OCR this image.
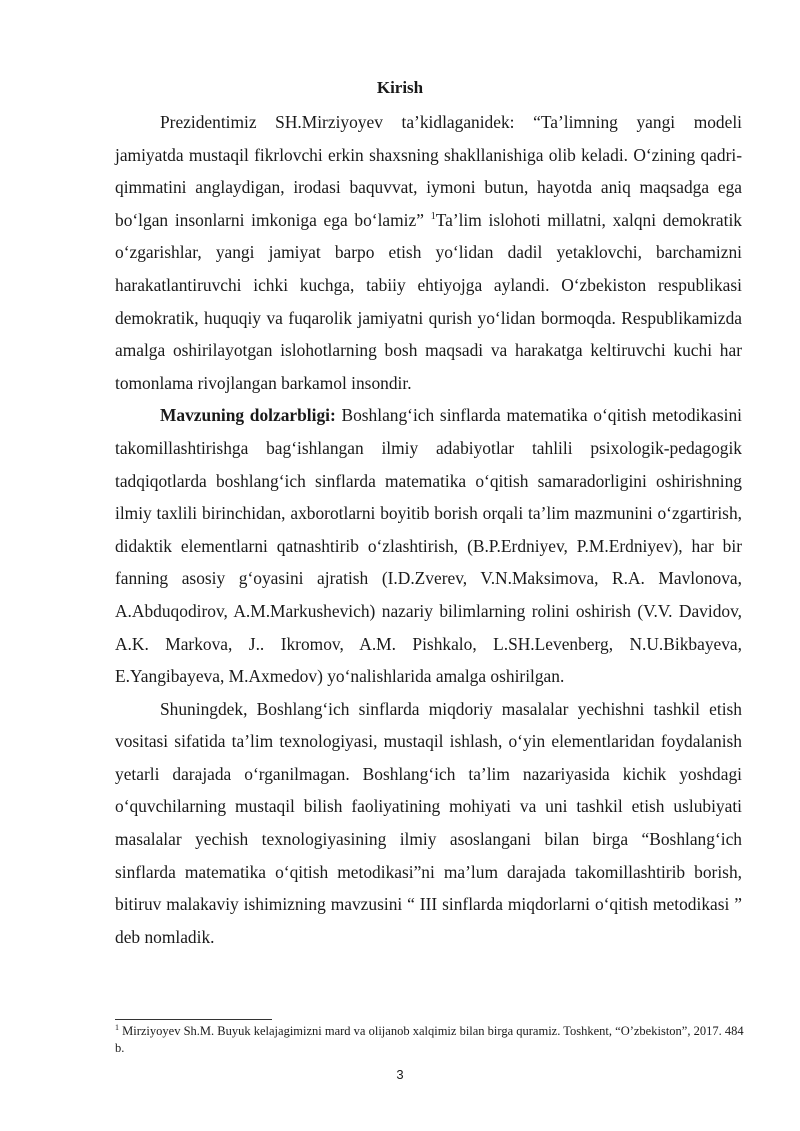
Kirish

Prezidentimiz SH.Mirziyoyev ta’kidlaganidek: “Ta’limning yangi modeli jamiyatda mustaqil fikrlovchi erkin shaxsning shakllanishiga olib keladi. O‘zining qadri-qimmatini anglaydigan, irodasi baquvvat, iymoni butun, hayotda aniq maqsadga ega bo‘lgan insonlarni imkoniga ega bo‘lamiz” $^1$Ta’lim islohoti millatni, xalqni demokratik o‘zgarishlar, yangi jamiyat barpo etish yo‘lidan dadil yetaklovchi, barchamizni harakatlantiruvchi ichki kuchga, tabiiy ehtiyojga aylandi. O‘zbekiston respublikasi demokratik, huquqiy va fuqarolik jamiyatni qurish yo‘lidan bormoqda. Respublikamizda amalga oshirilayotgan islohotlarning bosh maqsadi va harakatga keltiruvchi kuchi har tomonlama rivojlangan barkamol insondir.

Mavzuning dolzarbligi: Boshlang‘ich sinflarda matematika o‘qitish metodikasini takomillashtirishga bag‘ishlangan ilmiy adabiyotlar tahlili psixologik-pedagogik tadqiqotlarda boshlang‘ich sinflarda matematika o‘qitish samaradorligini oshirishning ilmiy taxlili birinchidan, axborotlarni boyitib borish orqali ta’lim mazmunini o‘zgartirish, didaktik elementlarni qatnashtirib o‘zlashtirish, (B.P.Erdniyev, P.M.Erdniyev), har bir fanning asosiy g‘oyasini ajratish (I.D.Zverev, V.N.Maksimova, R.A. Mavlonova, A.Abduqodirov, A.M.Markushevich) nazariy bilimlarning rolini oshirish (V.V. Davidov, A.K. Markova, J.. Ikromov, A.M. Pishkalo, L.SH.Levenberg, N.U.Bikbayeva, E.Yangibayeva, M.Axmedov) yo‘nalishlarida amalga oshirilgan.

Shuningdek, Boshlang‘ich sinflarda miqdoriy masalalar yechishni tashkil etish vositasi sifatida ta’lim texnologiyasi, mustaqil ishlash, o‘yin elementlaridan foydalanish yetarli darajada o‘rganilmagan. Boshlang‘ich ta’lim nazariyasida kichik yoshdagi o‘quvchilarning mustaqil bilish faoliyatining mohiyati va uni tashkil etish uslubiyati masalalar yechish texnologiyasining ilmiy asoslangani bilan birga “Boshlang‘ich sinflarda matematika o‘qitish metodikasi”ni ma’lum darajada takomillashtirib borish, bitiruv malakaviy ishimizning mavzusini “ III sinflarda miqdorlarni o‘qitish metodikasi ” deb nomladik.

$^1$ Mirziyoyev Sh.M. Buyuk kelajagimizni mard va olijanob xalqimiz bilan birga quramiz. Toshkent, “O’zbekiston”, 2017. 484 b.
3
